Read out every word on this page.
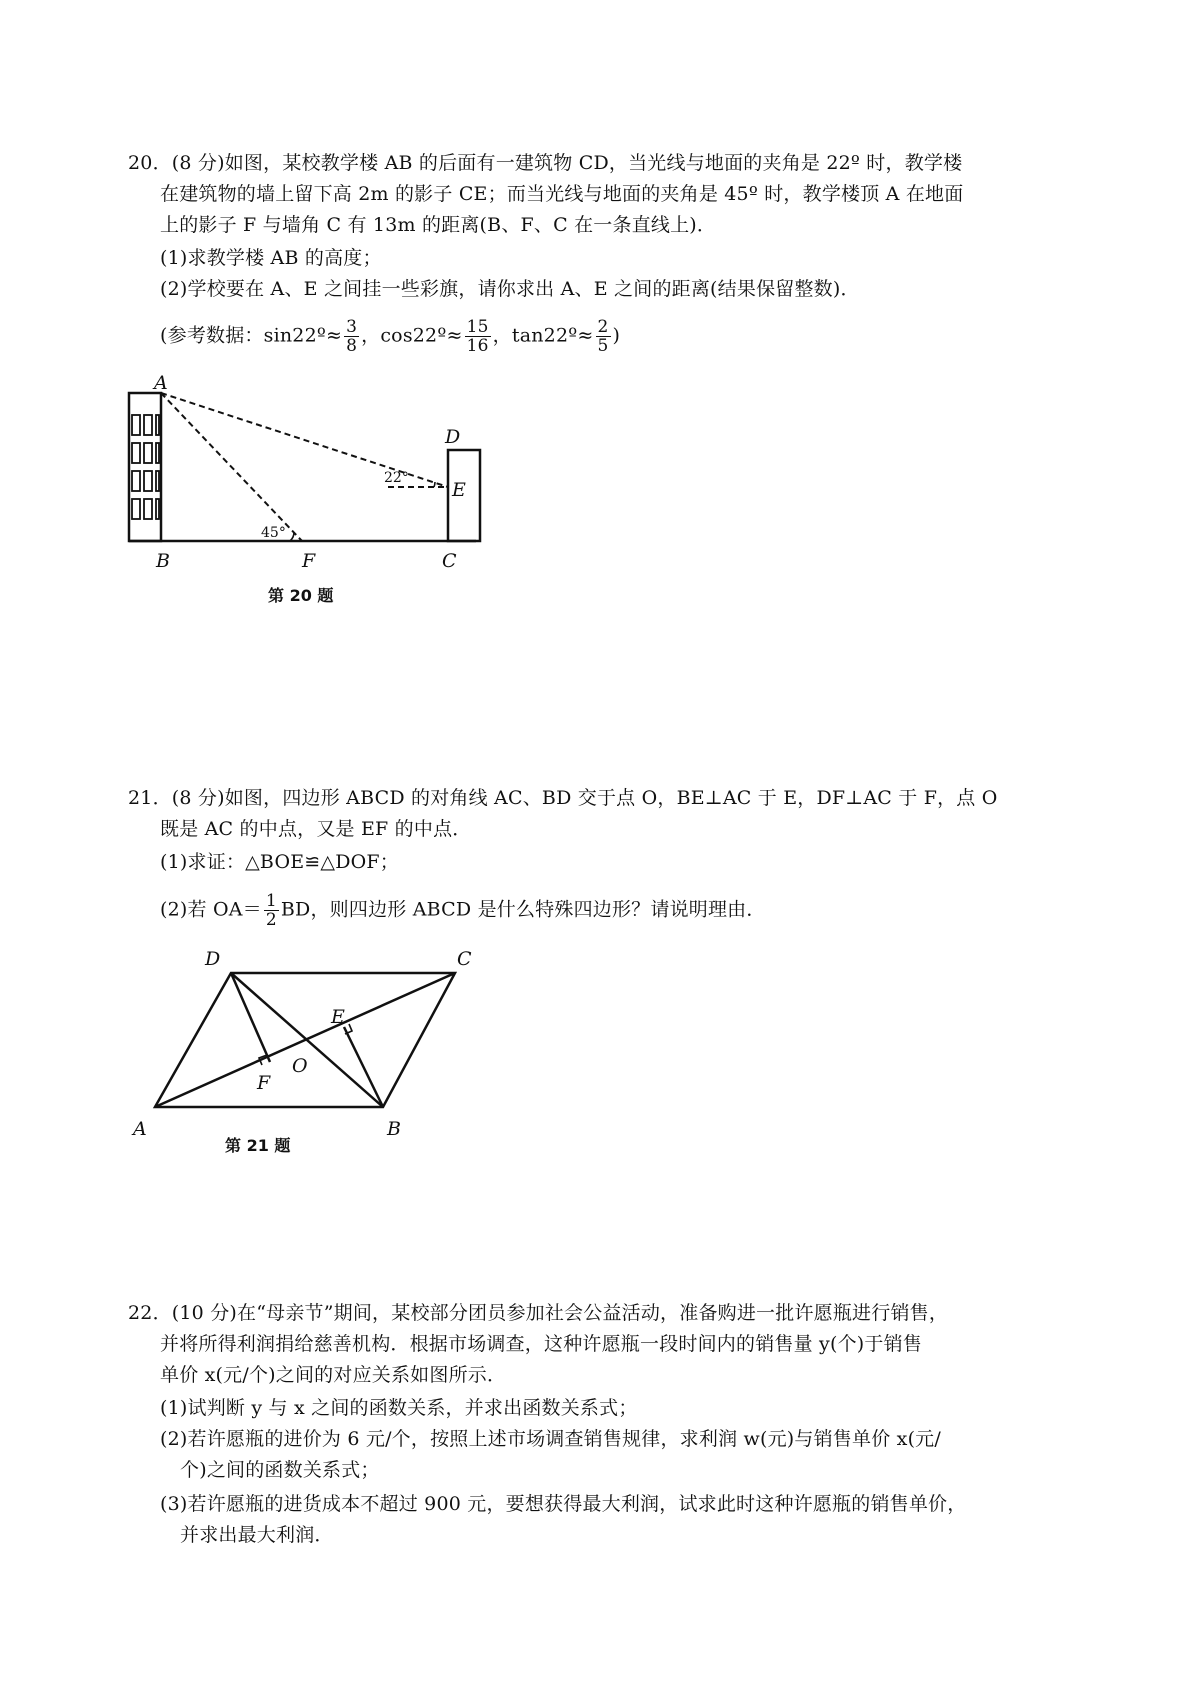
20．(8 分)如图，某校教学楼 AB 的后面有一建筑物 CD，当光线与地面的夹角是 22º 时，教学楼
在建筑物的墙上留下高 2m 的影子 CE；而当光线与地面的夹角是 45º 时，教学楼顶 A 在地面
上的影子 F 与墙角 C 有 13m 的距离(B、F、C 在一条直线上)．
(1)求教学楼 AB 的高度；
(2)学校要在 A、E 之间挂一些彩旗，请你求出 A、E 之间的距离(结果保留整数)．
(参考数据：sin22º≈ $\frac{3}{8}$ ，cos22º≈ $\frac{15}{16}$ ，tan22º≈ $\frac{2}{5}$ )
A
B	F	C
D
E
45°
22°
第 20 题
21．(8 分)如图，四边形 ABCD 的对角线 AC、BD 交于点 O，BE⊥AC 于 E，DF⊥AC 于 F，点 O
既是 AC 的中点，又是 EF 的中点．
(1)求证：△BOE≌△DOF；
(2)若 $OA= \frac{1}{2}$ BD，则四边形 ABCD 是什么特殊四边形？请说明理由．
A	B
C
D
E
F
O
第 21 题
22．(10 分)在“母亲节”期间，某校部分团员参加社会公益活动，准备购进一批许愿瓶进行销售，
并将所得利润捐给慈善机构．根据市场调查，这种许愿瓶一段时间内的销售量 y(个)于销售
单价 x(元/个)之间的对应关系如图所示．
(1)试判断 y 与 x 之间的函数关系，并求出函数关系式；
(2)若许愿瓶的进价为 6 元/个，按照上述市场调查销售规律，求利润 w(元)与销售单价 x(元/
个)之间的函数关系式；
(3)若许愿瓶的进货成本不超过 900 元，要想获得最大利润，试求此时这种许愿瓶的销售单价，
并求出最大利润．
